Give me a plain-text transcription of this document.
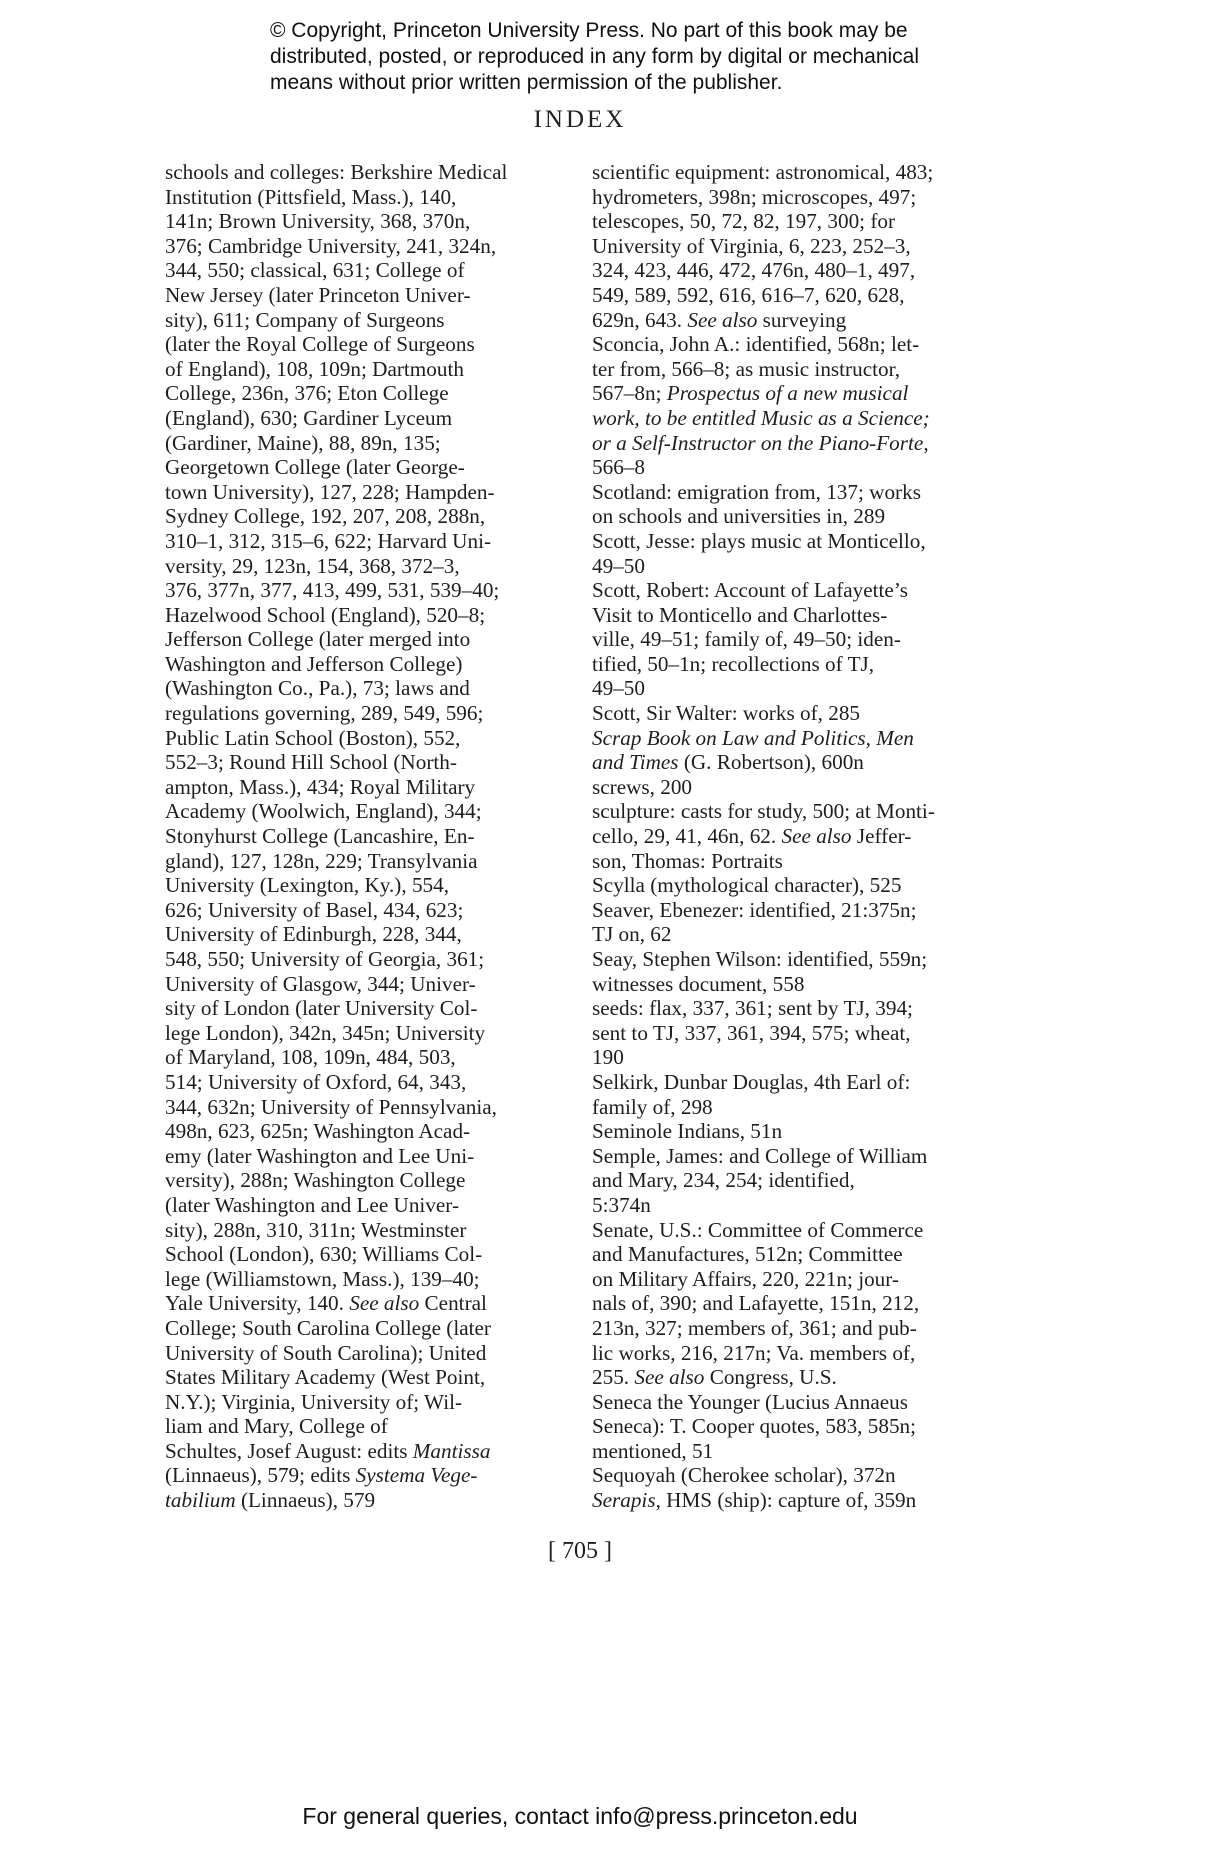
© Copyright, Princeton University Press. No part of this book may be
distributed, posted, or reproduced in any form by digital or mechanical
means without prior written permission of the publisher.
INDEX
schools and colleges: Berkshire Medical
Institution (Pittsfield, Mass.), 140,
141n; Brown University, 368, 370n,
376; Cambridge University, 241, 324n,
344, 550; classical, 631; College of
New Jersey (later Princeton Univer-
sity), 611; Company of Surgeons
(later the Royal College of Surgeons
of England), 108, 109n; Dartmouth
College, 236n, 376; Eton College
(England), 630; Gardiner Lyceum
(Gardiner, Maine), 88, 89n, 135;
Georgetown College (later George-
town University), 127, 228; Hampden-
Sydney College, 192, 207, 208, 288n,
310–1, 312, 315–6, 622; Harvard Uni-
versity, 29, 123n, 154, 368, 372–3,
376, 377n, 377, 413, 499, 531, 539–40;
Hazelwood School (England), 520–8;
Jefferson College (later merged into
Washington and Jefferson College)
(Washington Co., Pa.), 73; laws and
regulations governing, 289, 549, 596;
Public Latin School (Boston), 552,
552–3; Round Hill School (North-
ampton, Mass.), 434; Royal Military
Academy (Woolwich, England), 344;
Stonyhurst College (Lancashire, En-
gland), 127, 128n, 229; Transylvania
University (Lexington, Ky.), 554,
626; University of Basel, 434, 623;
University of Edinburgh, 228, 344,
548, 550; University of Georgia, 361;
University of Glasgow, 344; Univer-
sity of London (later University Col-
lege London), 342n, 345n; University
of Maryland, 108, 109n, 484, 503,
514; University of Oxford, 64, 343,
344, 632n; University of Pennsylvania,
498n, 623, 625n; Washington Acad-
emy (later Washington and Lee Uni-
versity), 288n; Washington College
(later Washington and Lee Univer-
sity), 288n, 310, 311n; Westminster
School (London), 630; Williams Col-
lege (Williamstown, Mass.), 139–40;
Yale University, 140. See also Central
College; South Carolina College (later
University of South Carolina); United
States Military Academy (West Point,
N.Y.); Virginia, University of; Wil-
liam and Mary, College of
Schultes, Josef August: edits Mantissa
(Linnaeus), 579; edits Systema Vege-
tabilium (Linnaeus), 579
scientific equipment: astronomical, 483;
hydrometers, 398n; microscopes, 497;
telescopes, 50, 72, 82, 197, 300; for
University of Virginia, 6, 223, 252–3,
324, 423, 446, 472, 476n, 480–1, 497,
549, 589, 592, 616, 616–7, 620, 628,
629n, 643. See also surveying
Sconcia, John A.: identified, 568n; let-
ter from, 566–8; as music instructor,
567–8n; Prospectus of a new musical
work, to be entitled Music as a Science;
or a Self-Instructor on the Piano-Forte,
566–8
Scotland: emigration from, 137; works
on schools and universities in, 289
Scott, Jesse: plays music at Monticello,
49–50
Scott, Robert: Account of Lafayette’s
Visit to Monticello and Charlottes-
ville, 49–51; family of, 49–50; iden-
tified, 50–1n; recollections of TJ,
49–50
Scott, Sir Walter: works of, 285
Scrap Book on Law and Politics, Men
and Times (G. Robertson), 600n
screws, 200
sculpture: casts for study, 500; at Monti-
cello, 29, 41, 46n, 62. See also Jeffer-
son, Thomas: Portraits
Scylla (mythological character), 525
Seaver, Ebenezer: identified, 21:375n;
TJ on, 62
Seay, Stephen Wilson: identified, 559n;
witnesses document, 558
seeds: flax, 337, 361; sent by TJ, 394;
sent to TJ, 337, 361, 394, 575; wheat,
190
Selkirk, Dunbar Douglas, 4th Earl of:
family of, 298
Seminole Indians, 51n
Semple, James: and College of William
and Mary, 234, 254; identified,
5:374n
Senate, U.S.: Committee of Commerce
and Manufactures, 512n; Committee
on Military Affairs, 220, 221n; jour-
nals of, 390; and Lafayette, 151n, 212,
213n, 327; members of, 361; and pub-
lic works, 216, 217n; Va. members of,
255. See also Congress, U.S.
Seneca the Younger (Lucius Annaeus
Seneca): T. Cooper quotes, 583, 585n;
mentioned, 51
Sequoyah (Cherokee scholar), 372n
Serapis, HMS (ship): capture of, 359n
[ 705 ]
For general queries, contact info@press.princeton.edu
